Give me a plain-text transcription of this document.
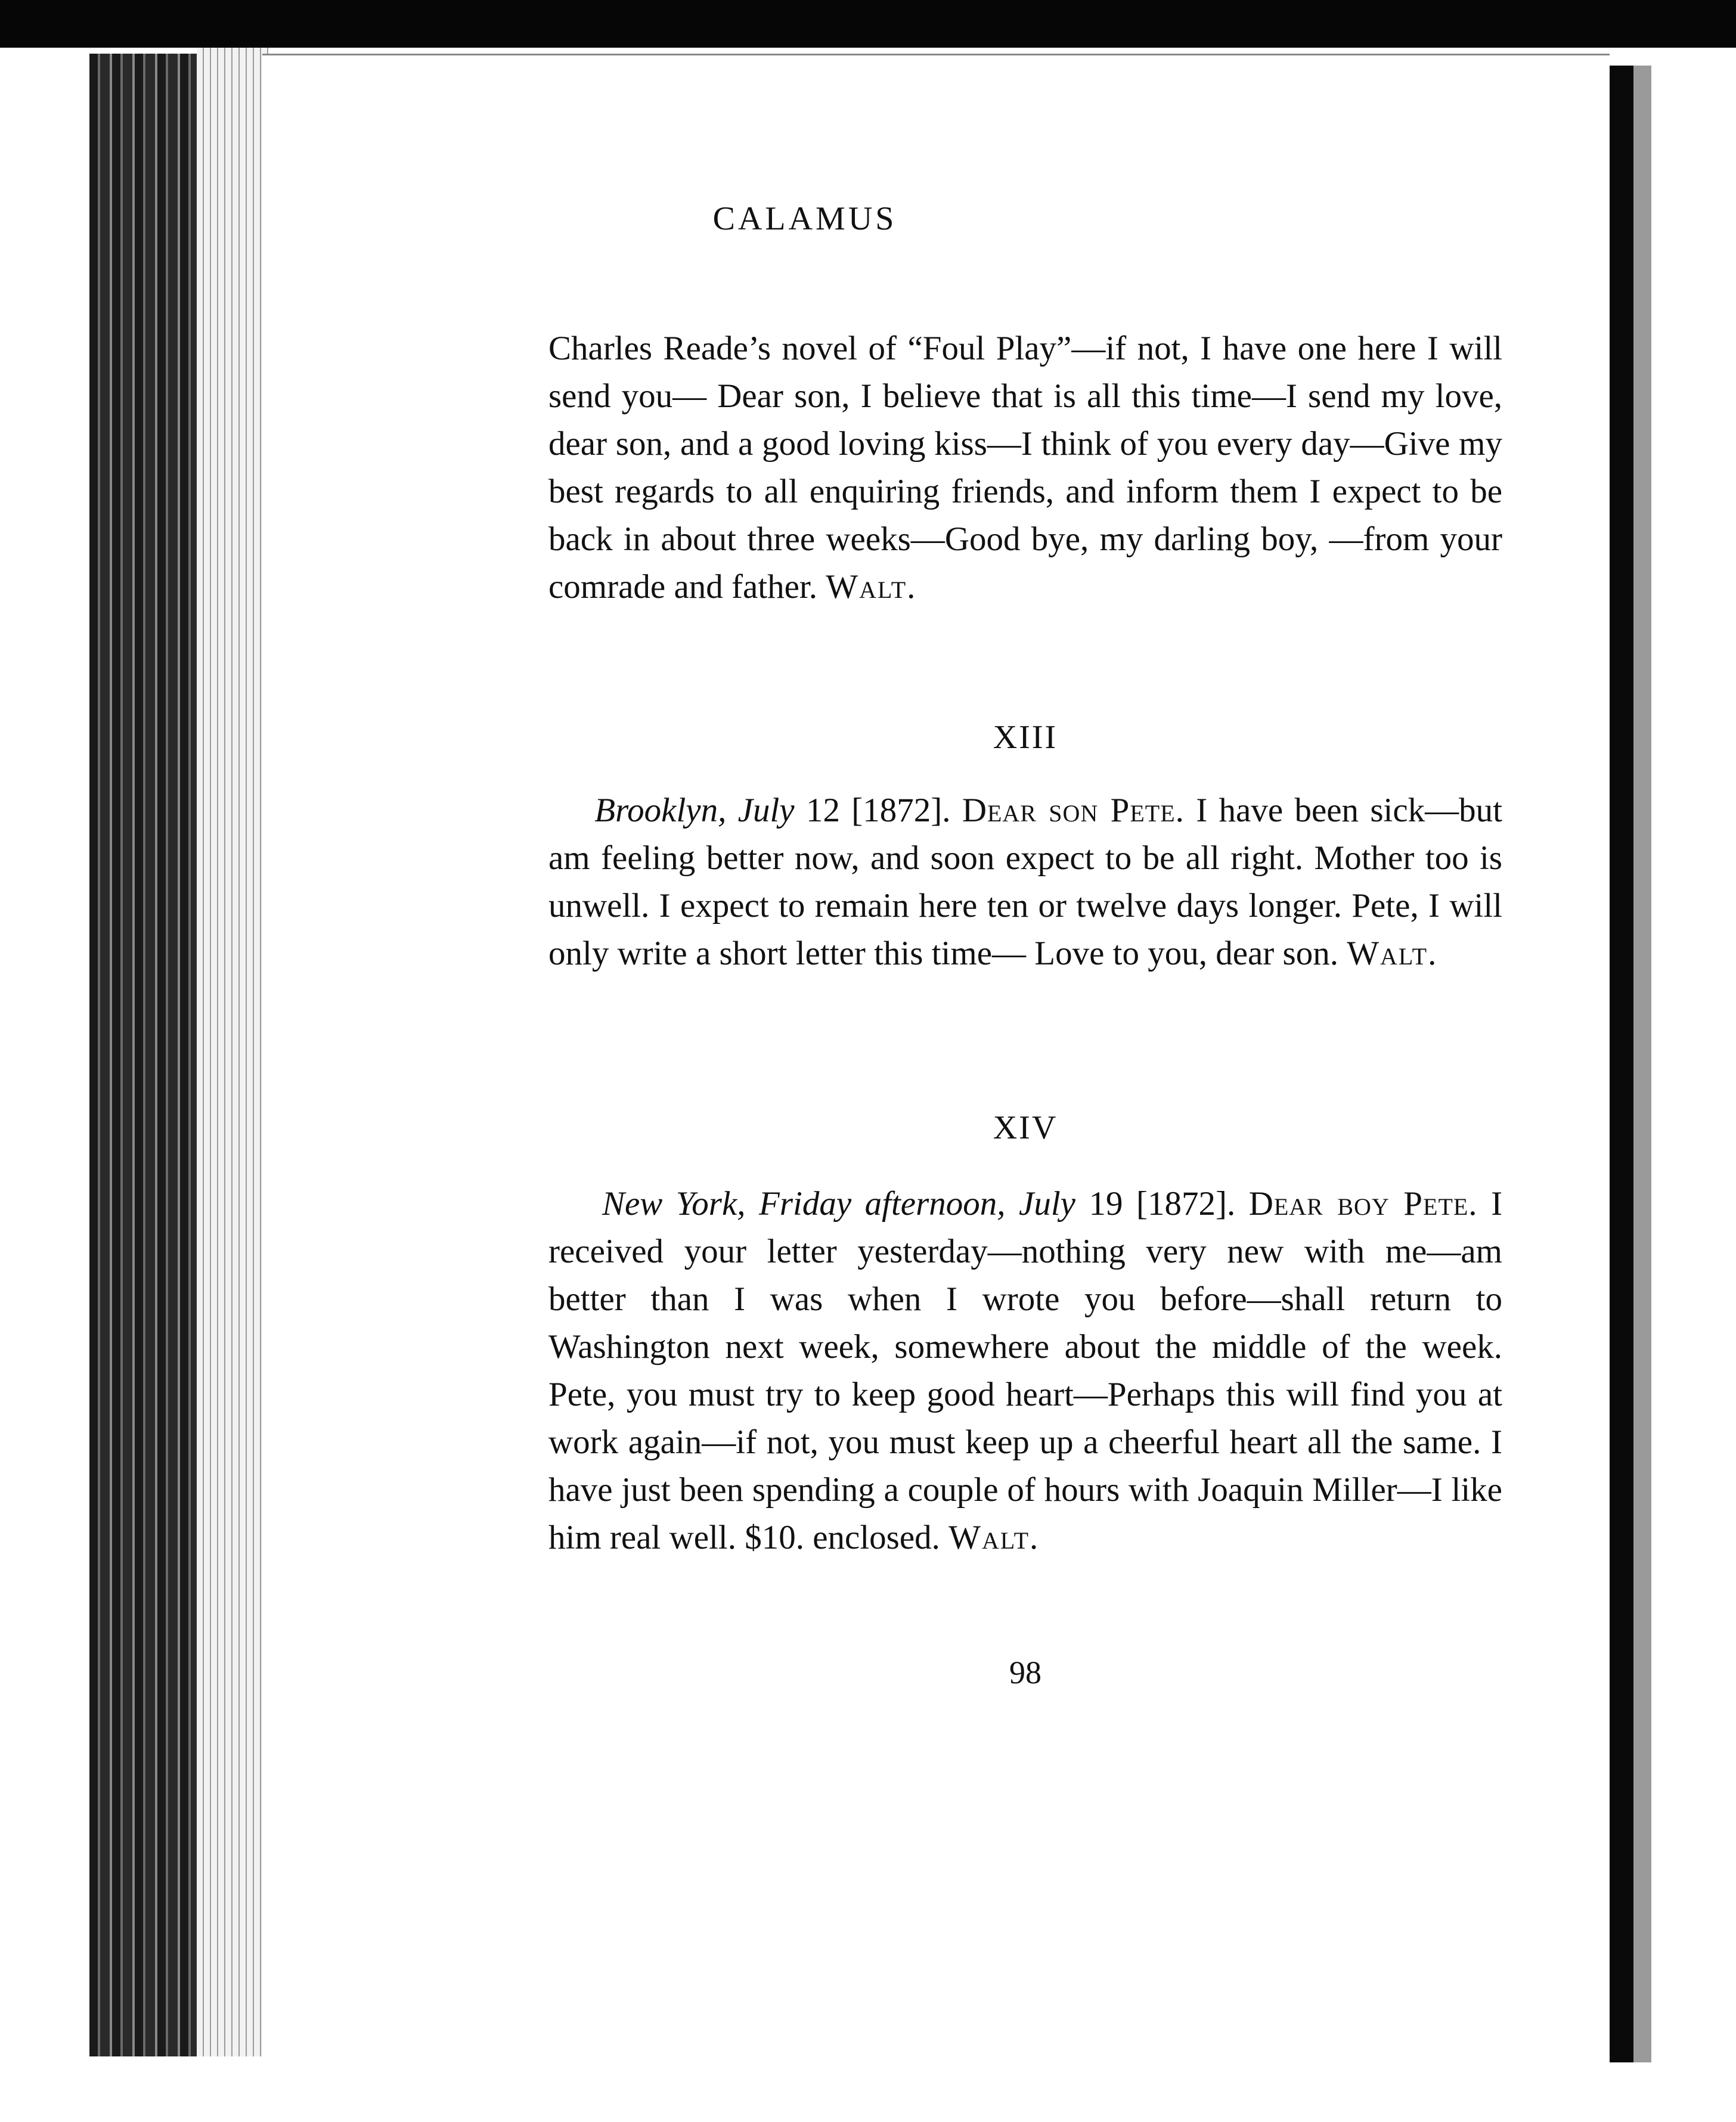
CALAMUS
Charles Reade’s novel of “Foul Play”—if not, I have one here I will send you— Dear son, I believe that is all this time—I send my love, dear son, and a good loving kiss—I think of you every day—Give my best regards to all enquiring friends, and inform them I expect to be back in about three weeks—Good bye, my darling boy, —from your comrade and father. Walt.
XIII
Brooklyn, July 12 [1872]. Dear son Pete. I have been sick—but am feeling better now, and soon expect to be all right. Mother too is unwell. I expect to remain here ten or twelve days longer. Pete, I will only write a short letter this time— Love to you, dear son. Walt.
XIV
New York, Friday afternoon, July 19 [1872]. Dear boy Pete. I received your letter yesterday—nothing very new with me—am better than I was when I wrote you before—shall return to Washington next week, somewhere about the middle of the week. Pete, you must try to keep good heart—Perhaps this will find you at work again—if not, you must keep up a cheerful heart all the same. I have just been spending a couple of hours with Joaquin Miller—I like him real well. $10. enclosed. Walt.
98
